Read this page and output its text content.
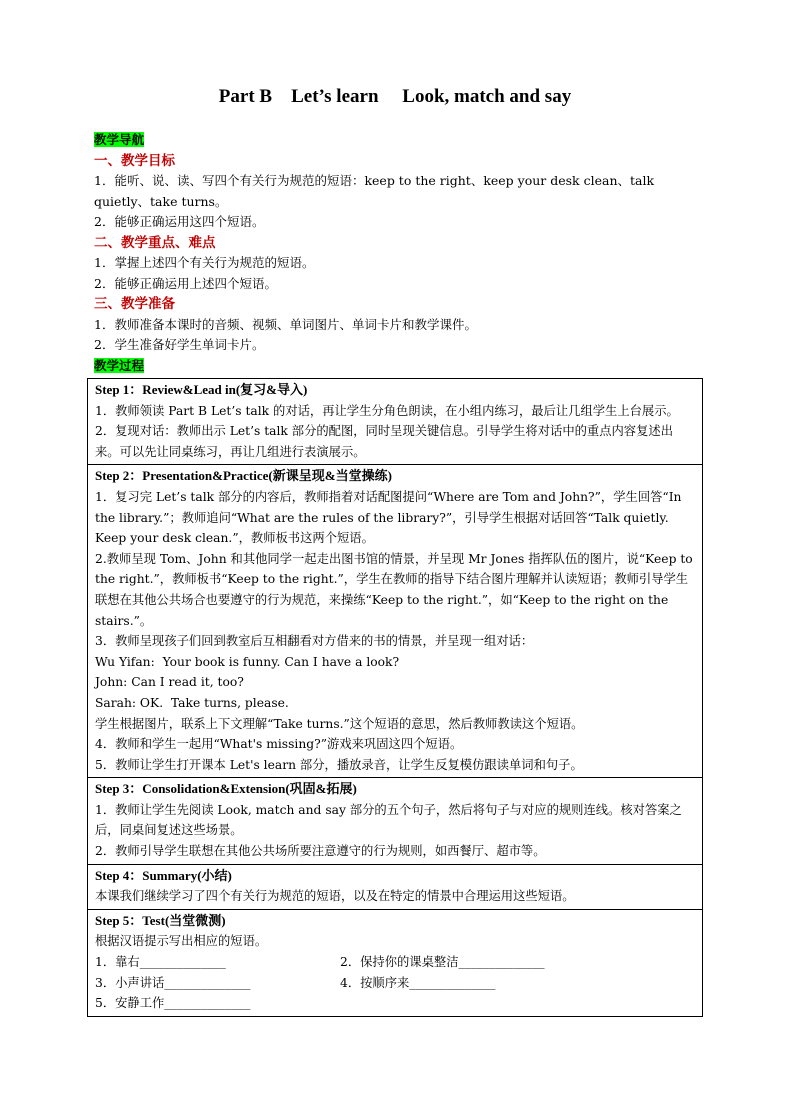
Part B Let’s learn Look, match and say

教学导航

一、教学目标

1．能听、说、读、写四个有关行为规范的短语：keep to the right、keep your desk clean、talk quietly、take turns。

2．能够正确运用这四个短语。

二、教学重点、难点

1．掌握上述四个有关行为规范的短语。

2．能够正确运用上述四个短语。

三、教学准备

1．教师准备本课时的音频、视频、单词图片、单词卡片和教学课件。

2．学生准备好学生单词卡片。

教学过程

Step 1：Review&Lead in(复习&导入)
1．教师领读 Part B Let’s talk 的对话，再让学生分角色朗读，在小组内练习，最后让几组学生上台展示。
2．复现对话：教师出示 Let’s talk 部分的配图，同时呈现关键信息。引导学生将对话中的重点内容复述出来。可以先让同桌练习，再让几组进行表演展示。

Step 2：Presentation&Practice(新课呈现&当堂操练)
1．复习完 Let’s talk 部分的内容后，教师指着对话配图提问“Where are Tom and John?”，学生回答“In the library.”；教师追问“What are the rules of the library?”，引导学生根据对话回答“Talk quietly. Keep your desk clean.”，教师板书这两个短语。
2.教师呈现 Tom、John 和其他同学一起走出图书馆的情景，并呈现 Mr Jones 指挥队伍的图片，说“Keep to the right.”，教师板书“Keep to the right.”，学生在教师的指导下结合图片理解并认读短语；教师引导学生联想在其他公共场合也要遵守的行为规范，来操练“Keep to the right.”，如“Keep to the right on the stairs.”。
3．教师呈现孩子们回到教室后互相翻看对方借来的书的情景，并呈现一组对话：
Wu Yifan:  Your book is funny. Can I have a look?
John: Can I read it, too?
Sarah: OK.  Take turns, please.
学生根据图片，联系上下文理解“Take turns.”这个短语的意思，然后教师教读这个短语。
4．教师和学生一起用“What's missing?”游戏来巩固这四个短语。
5．教师让学生打开课本 Let's learn 部分，播放录音，让学生反复模仿跟读单词和句子。

Step 3：Consolidation&Extension(巩固&拓展)
1．教师让学生先阅读 Look, match and say 部分的五个句子，然后将句子与对应的规则连线。核对答案之后，同桌间复述这些场景。
2．教师引导学生联想在其他公共场所要注意遵守的行为规则，如西餐厅、超市等。

Step 4：Summary(小结)
本课我们继续学习了四个有关行为规范的短语，以及在特定的情景中合理运用这些短语。

Step 5：Test(当堂微测)
根据汉语提示写出相应的短语。
1．靠右______________	2．保持你的课桌整洁______________
3．小声讲话______________	4．按顺序来______________
5．安静工作______________
